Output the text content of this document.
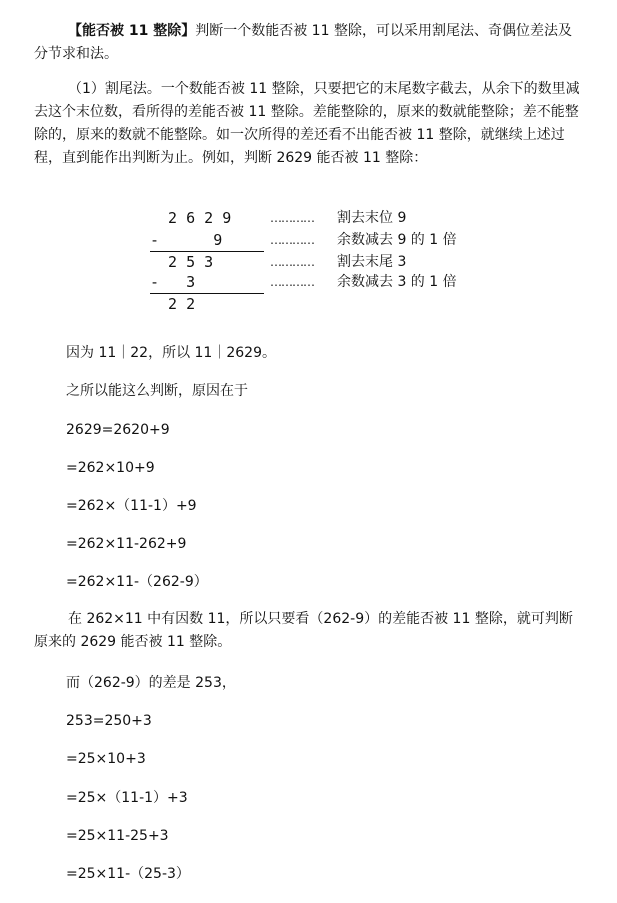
【能否被 11 整除】判断一个数能否被 11 整除，可以采用割尾法、奇偶位差法及分节求和法。

（1）割尾法。一个数能否被 11 整除，只要把它的末尾数字截去，从余下的数里减去这个末位数，看所得的差能否被 11 整除。差能整除的，原来的数就能整除；差不能整除的，原来的数就不能整除。如一次所得的差还看不出能否被 11 整除，就继续上述过程，直到能作出判断为止。例如，判断 2629 能否被 11 整除：

2 6 2 9	………… 割去末位 9
-      9	………… 余数减去 9 的 1 倍
2 5 3	………… 割去末尾 3
-   3	………… 余数减去 3 的 1 倍
2 2

因为 11｜22，所以 11｜2629。

之所以能这么判断，原因在于

2629=2620+9

=262×10+9

=262×（11-1）+9

=262×11-262+9

=262×11-（262-9）

在 262×11 中有因数 11，所以只要看（262-9）的差能否被 11 整除，就可判断原来的 2629 能否被 11 整除。

而（262-9）的差是 253，

253=250+3

=25×10+3

=25×（11-1）+3

=25×11-25+3

=25×11-（25-3）
